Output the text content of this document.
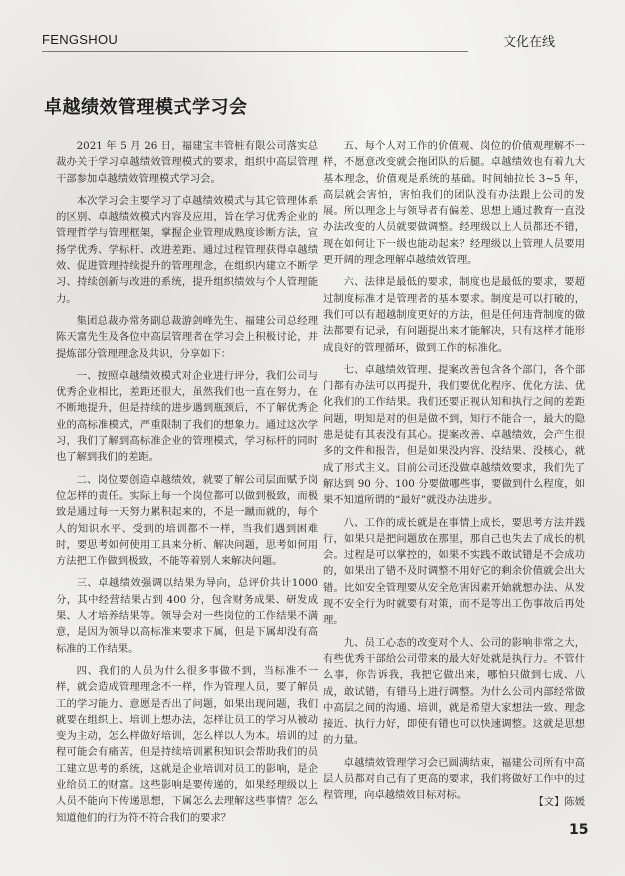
FENGSHOU	文化在线
卓越绩效管理模式学习会

2021 年 5 月 26 日，福建宝丰管桩有限公司落实总裁办关于学习卓越绩效管理模式的要求，组织中高层管理干部参加卓越绩效管理模式学习会。

本次学习会主要学习了卓越绩效模式与其它管理体系的区别、卓越绩效模式内容及应用，旨在学习优秀企业的管理哲学与管理框架，掌握企业管理成熟度诊断方法，宣扬学优秀、学标杆、改进差距、通过过程管理获得卓越绩效、促进管理持续提升的管理理念，在组织内建立不断学习、持续创新与改进的系统，提升组织绩效与个人管理能力。

集团总裁办常务副总裁游剑峰先生、福建公司总经理陈天富先生及各位中高层管理者在学习会上积极讨论，并提炼部分管理理念及共识，分享如下：

一、按照卓越绩效模式对企业进行评分，我们公司与优秀企业相比，差距还很大，虽然我们也一直在努力，在不断地提升，但是持续的进步遇到瓶颈后，不了解优秀企业的高标准模式，严重限制了我们的想象力。通过这次学习，我们了解到高标准企业的管理模式，学习标杆的同时也了解到我们的差距。

二、岗位要创造卓越绩效，就要了解公司层面赋予岗位怎样的责任。实际上每一个岗位都可以做到极致，而极致是通过每一天努力累积起来的，不是一蹴而就的，每个人的知识水平、受到的培训都不一样，当我们遇到困难时，要思考如何使用工具来分析、解决问题，思考如何用方法把工作做到极致，不能等着别人来解决问题。

三、卓越绩效强调以结果为导向，总评价共计1000 分，其中经营结果占到 400 分，包含财务成果、研发成果、人才培养结果等。领导会对一些岗位的工作结果不满意，是因为领导以高标准来要求下属，但是下属却没有高标准的工作结果。

四、我们的人员为什么很多事做不到，当标准不一样，就会造成管理理念不一样，作为管理人员，要了解员工的学习能力、意愿是否出了问题，如果出现问题，我们就要在组织上、培训上想办法，怎样让员工的学习从被动变为主动，怎么样做好培训，怎么样以人为本。培训的过程可能会有痛苦，但是持续培训累积知识会帮助我们的员工建立思考的系统，这就是企业培训对员工的影响，是企业给员工的财富。这些影响是要传递的，如果经理级以上人员不能向下传递思想，下属怎么去理解这些事情？怎么知道他们的行为符不符合我们的要求？

五、每个人对工作的价值观、岗位的价值观理解不一样，不愿意改变就会拖团队的后腿。卓越绩效也有着九大基本理念，价值观是系统的基础。时间轴拉长 3~5 年，高层就会害怕，害怕我们的团队没有办法跟上公司的发展。所以理念上与领导者有偏差、思想上通过教育一直没办法改变的人员就要做调整。经理级以上人员都还不错，现在如何让下一级也能动起来？经理级以上管理人员要用更开阔的理念理解卓越绩效管理。

六、法律是最低的要求，制度也是最低的要求，要超过制度标准才是管理者的基本要求。制度是可以打破的，我们可以有超越制度更好的方法，但是任何违背制度的做法都要有记录，有问题提出来才能解决，只有这样才能形成良好的管理循环，做到工作的标准化。

七、卓越绩效管理、提案改善包含各个部门，各个部门都有办法可以再提升，我们要优化程序、优化方法、优化我们的工作结果。我们还要正视认知和执行之间的差距问题，明知是对的但是做不到，知行不能合一，最大的隐患是徒有其表没有其心。提案改善、卓越绩效，会产生很多的文件和报告，但是如果没内容、没结果、没核心，就成了形式主义。目前公司还没做卓越绩效要求，我们先了解达到 90 分、100 分要做哪些事，要做到什么程度，如果不知道所谓的“最好”就没办法进步。

八、工作的成长就是在事情上成长，要思考方法并践行，如果只是把问题放在那里，那自己也失去了成长的机会。过程是可以掌控的，如果不实践不敢试错是不会成功的，如果出了错不及时调整不用好它的剩余价值就会出大错。比如安全管理要从安全危害因素开始就想办法、从发现不安全行为时就要有对策，而不是等出工伤事故后再处理。

九、员工心态的改变对个人、公司的影响非常之大，有些优秀干部给公司带来的最大好处就是执行力。不管什么事，你告诉我，我把它做出来，哪怕只做到七成、八成，敢试错，有错马上进行调整。为什么公司内部经常做中高层之间的沟通、培训，就是希望大家想法一致、理念接近、执行力好，即使有错也可以快速调整。这就是思想的力量。

卓越绩效管理学习会已圆满结束，福建公司所有中高层人员都对自己有了更高的要求，我们将做好工作中的过程管理，向卓越绩效目标对标。

【文】陈媛
15
